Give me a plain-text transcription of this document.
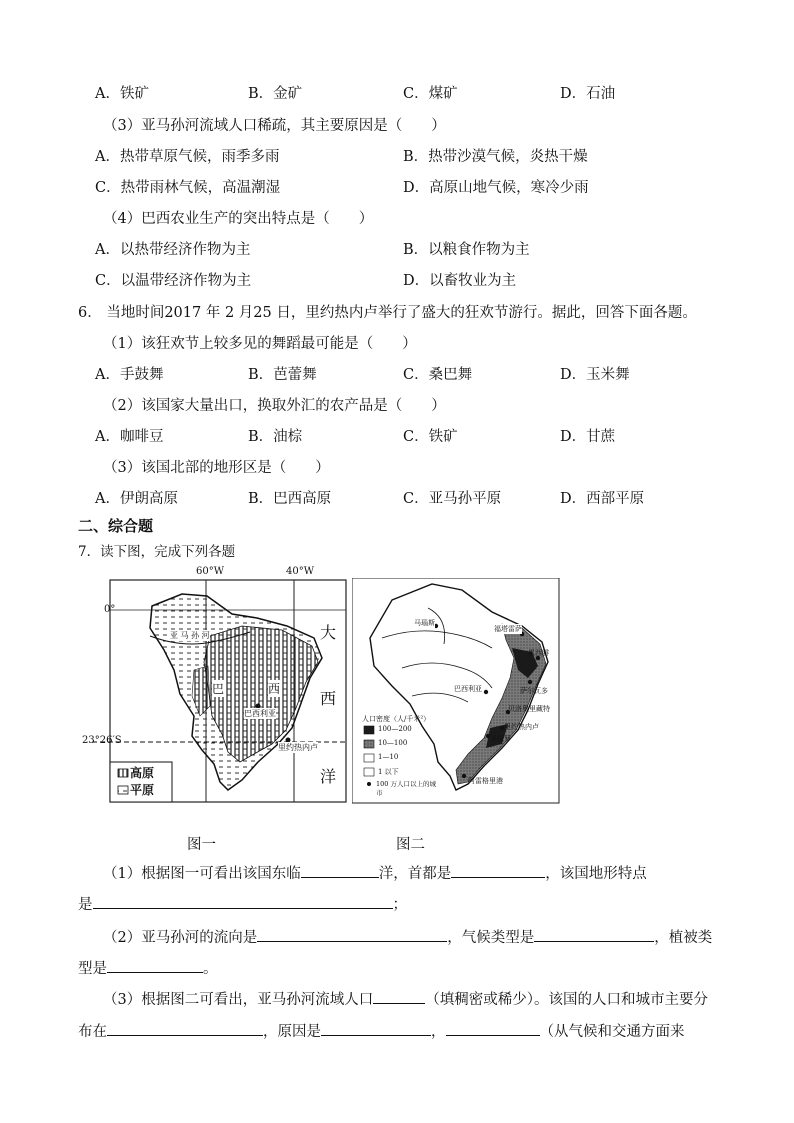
A．铁矿	B．金矿	C．煤矿	D．石油
（3）亚马孙河流域人口稀疏，其主要原因是（　　）
A．热带草原气候，雨季多雨	B．热带沙漠气候，炎热干燥
C．热带雨林气候，高温潮湿	D．高原山地气候，寒冷少雨
（4）巴西农业生产的突出特点是（　　）
A．以热带经济作物为主	B．以粮食作物为主
C．以温带经济作物为主	D．以畜牧业为主
6． 当地时间2017 年 2 月25 日，里约热内卢举行了盛大的狂欢节游行。据此，回答下面各题。
（1）该狂欢节上较多见的舞蹈最可能是（　　）
A．手鼓舞	B．芭蕾舞	C．桑巴舞	D．玉米舞
（2）该国家大量出口，换取外汇的农产品是（　　）
A．咖啡豆	B．油棕	C．铁矿	D．甘蔗
（3）该国北部的地形区是（　　）
A．伊朗高原	B．巴西高原	C．亚马孙平原	D．西部平原
二、综合题
7．读下图，完成下列各题
60°W	40°W
0°
23°26′S
大
西
洋
巴	西
亚 马 孙 河
巴西利亚
里约热内卢
高原
平原
马瑙斯
福塔雷萨
累西腓
萨尔瓦多
巴西利亚
贝洛奥里藏特
里约热内卢
圣保罗
阿雷格里港
人口密度（人/千米²）
100—200
10—100
1—10
1 以下
100 万人口以上的城市
图一	图二
（1）根据图一可看出该国东临	洋，首都是	，该国地形特点
是	；
（2）亚马孙河的流向是	，气候类型是	，植被类
型是	。
（3）根据图二可看出，亚马孙河流域人口	（填稠密或稀少）。该国的人口和城市主要分
布在	，原因是	，	（从气候和交通方面来
